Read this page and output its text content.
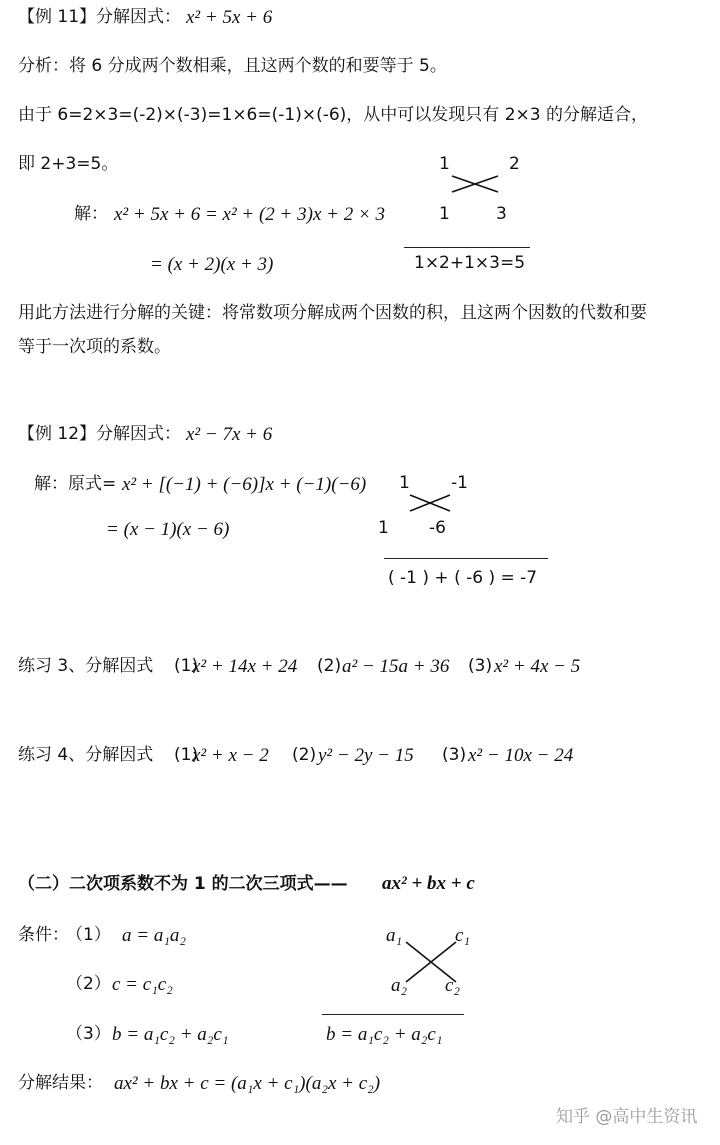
【例 11】分解因式： x² + 5x + 6
分析：将 6 分成两个数相乘，且这两个数的和要等于 5。
由于 6=2×3=(-2)×(-3)=1×6=(-1)×(-6)，从中可以发现只有 2×3 的分解适合，
即 2+3=5。
解： x² + 5x + 6 = x² + (2 + 3)x + 2 × 3
= (x + 2)(x + 3)
1	2
1	3
1×2+1×3=5
用此方法进行分解的关键：将常数项分解成两个因数的积，且这两个因数的代数和要
等于一次项的系数。
【例 12】分解因式： x² − 7x + 6
解：原式= x² + [(−1) + (−6)]x + (−1)(−6)
= (x − 1)(x − 6)
1 -1
1 -6
( -1 ) + ( -6 ) = -7
练习 3、分解因式 (1)
x² + 14x + 24 (2) a² − 15a + 36 (3) x² + 4x − 5
练习 4、分解因式 (1)
x² + x − 2 (2) y² − 2y − 15 (3) x² − 10x − 24
（二）二次项系数不为 1 的二次三项式—— ax² + bx + c
条件：
（1） a = a₁a₂
（2） c = c₁c₂
（3） b = a₁c₂ + a₂c₁
a₁	c₁
a₂ c₂
b = a₁c₂ + a₂c₁
分解结果： ax² + bx + c = (a₁x + c₁)(a₂x + c₂)
知乎 @高中生资讯
